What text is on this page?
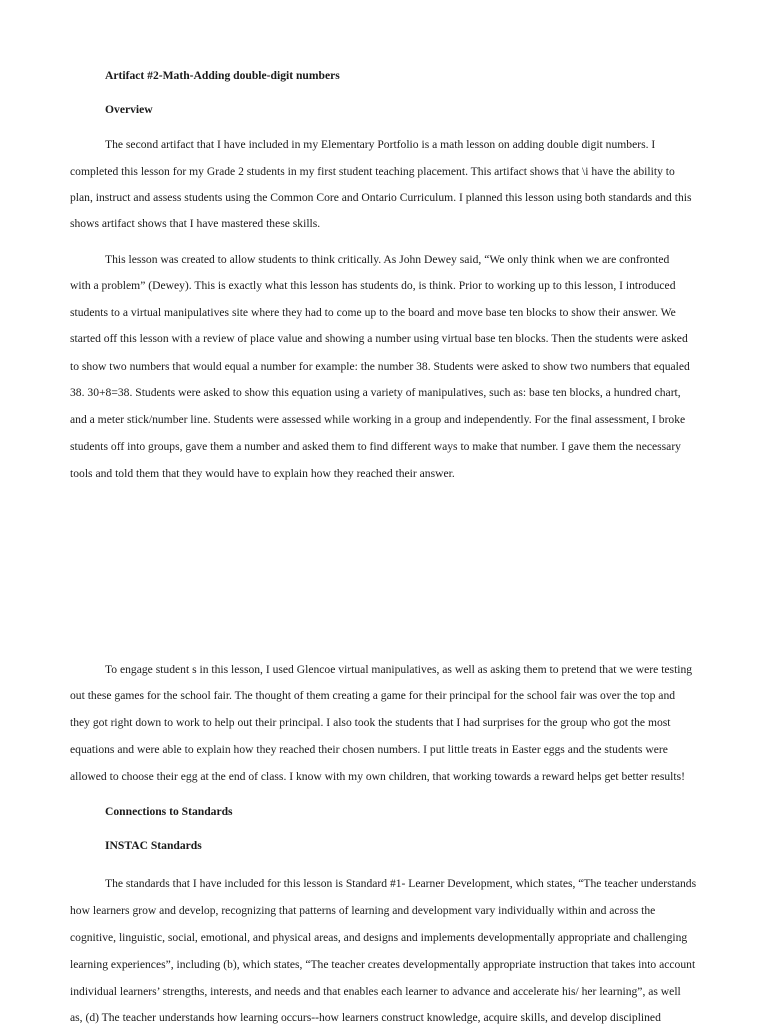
Artifact #2-Math-Adding double-digit numbers
Overview
The second artifact that I have included in my Elementary Portfolio is a math lesson on adding double digit numbers. I
completed this lesson for my Grade 2 students in my first student teaching placement. This artifact shows that \i have the ability to
plan, instruct and assess students using the Common Core and Ontario Curriculum. I planned this lesson using both standards and this
shows artifact shows that I have mastered these skills.
This lesson was created to allow students to think critically. As John Dewey said, “We only think when we are confronted
with a problem” (Dewey). This is exactly what this lesson has students do, is think. Prior to working up to this lesson, I introduced
students to a virtual manipulatives site where they had to come up to the board and move base ten blocks to show their answer. We
started off this lesson with a review of place value and showing a number using virtual base ten blocks. Then the students were asked
to show two numbers that would equal a number for example: the number 38. Students were asked to show two numbers that equaled
38. 30+8=38. Students were asked to show this equation using a variety of manipulatives, such as: base ten blocks, a hundred chart,
and a meter stick/number line. Students were assessed while working in a group and independently. For the final assessment, I broke
students off into groups, gave them a number and asked them to find different ways to make that number. I gave them the necessary
tools and told them that they would have to explain how they reached their answer.
To engage student s in this lesson, I used Glencoe virtual manipulatives, as well as asking them to pretend that we were testing
out these games for the school fair. The thought of them creating a game for their principal for the school fair was over the top and
they got right down to work to help out their principal. I also took the students that I had surprises for the group who got the most
equations and were able to explain how they reached their chosen numbers. I put little treats in Easter eggs and the students were
allowed to choose their egg at the end of class. I know with my own children, that working towards a reward helps get better results!
Connections to Standards
INSTAC Standards
The standards that I have included for this lesson is Standard #1- Learner Development, which states, “The teacher understands
how learners grow and develop, recognizing that patterns of learning and development vary individually within and across the
cognitive, linguistic, social, emotional, and physical areas, and designs and implements developmentally appropriate and challenging
learning experiences”, including (b), which states, “The teacher creates developmentally appropriate instruction that takes into account
individual learners’ strengths, interests, and needs and that enables each learner to advance and accelerate his/ her learning”, as well
as, (d) The teacher understands how learning occurs--how learners construct knowledge, acquire skills, and develop disciplined
